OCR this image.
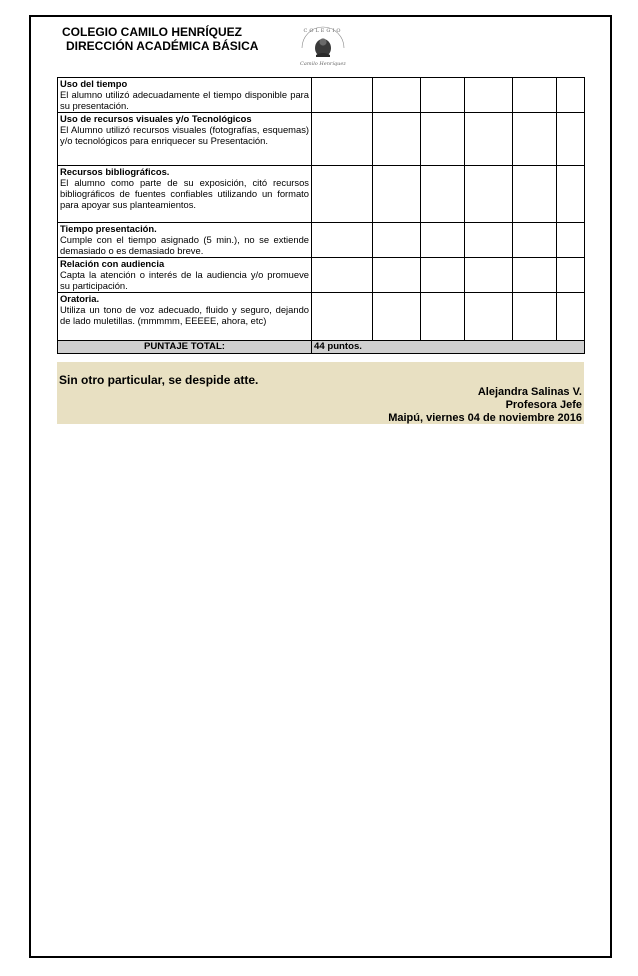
COLEGIO CAMILO HENRÍQUEZ
DIRECCIÓN ACADÉMICA BÁSICA
COLEGIO
Camilo Henríquez
Uso del tiempo
El alumno utilizó adecuadamente el tiempo disponible para su presentación.						

Uso de recursos visuales y/o Tecnológicos
El Alumno utilizó recursos visuales (fotografías, esquemas) y/o tecnológicos para enriquecer su Presentación.						

Recursos bibliográficos.
El alumno como parte de su exposición, citó recursos bibliográficos de fuentes confiables utilizando un formato para apoyar sus planteamientos.						

Tiempo presentación.
Cumple con el tiempo asignado (5 min.), no se extiende demasiado o es demasiado breve.						

Relación con audiencia
Capta la atención o interés de la audiencia y/o promueve su participación.						

Oratoria.
Utiliza un tono de voz adecuado, fluido y seguro, dejando de lado muletillas. (mmmmm, EEEEE, ahora, etc)						

PUNTAJE TOTAL:	44 puntos.					
Sin otro particular, se despide atte.
Alejandra Salinas V.
Profesora Jefe
Maipú, viernes 04 de noviembre 2016
